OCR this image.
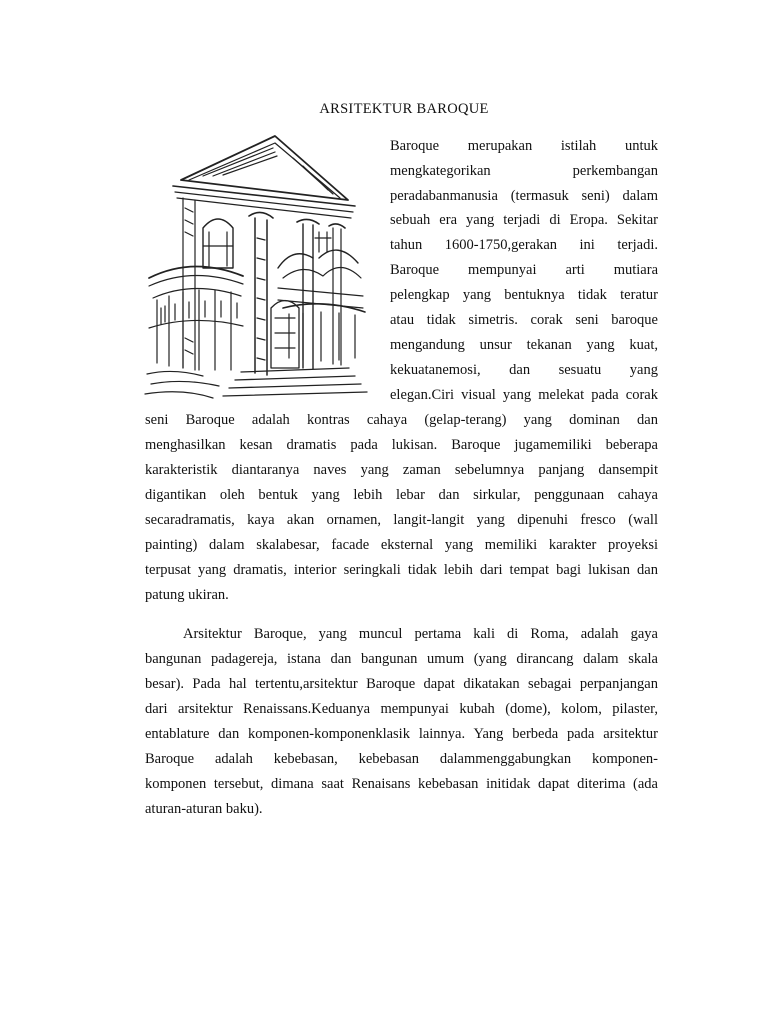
ARSITEKTUR BAROQUE
Baroque merupakan istilah untuk
mengkategorikan perkembangan
peradabanmanusia (termasuk seni) dalam
sebuah era yang terjadi di Eropa. Sekitar
tahun 1600-1750,gerakan ini terjadi.
Baroque mempunyai arti mutiara
pelengkap yang bentuknya tidak teratur
atau tidak simetris. corak seni baroque
mengandung unsur tekanan yang kuat,
kekuatanemosi, dan sesuatu yang
elegan.Ciri visual yang melekat pada corak
seni Baroque adalah kontras cahaya (gelap-terang) yang dominan dan
menghasilkan kesan dramatis pada lukisan. Baroque jugamemiliki beberapa
karakteristik diantaranya naves yang zaman sebelumnya panjang dansempit
digantikan oleh bentuk yang lebih lebar dan sirkular, penggunaan cahaya
secaradramatis, kaya akan ornamen, langit-langit yang dipenuhi fresco (wall
painting) dalam skalabesar, facade eksternal yang memiliki karakter proyeksi
terpusat yang dramatis, interior seringkali tidak lebih dari tempat bagi lukisan dan
patung ukiran.
Arsitektur Baroque, yang muncul pertama kali di Roma, adalah gaya
bangunan padagereja, istana dan bangunan umum (yang dirancang dalam skala
besar). Pada hal tertentu,arsitektur Baroque dapat dikatakan sebagai perpanjangan
dari arsitektur Renaissans.Keduanya mempunyai kubah (dome), kolom, pilaster,
entablature dan komponen-komponenklasik lainnya. Yang berbeda pada arsitektur
Baroque adalah kebebasan, kebebasan dalammenggabungkan komponen-
komponen tersebut, dimana saat Renaisans kebebasan initidak dapat diterima (ada
aturan-aturan baku).
